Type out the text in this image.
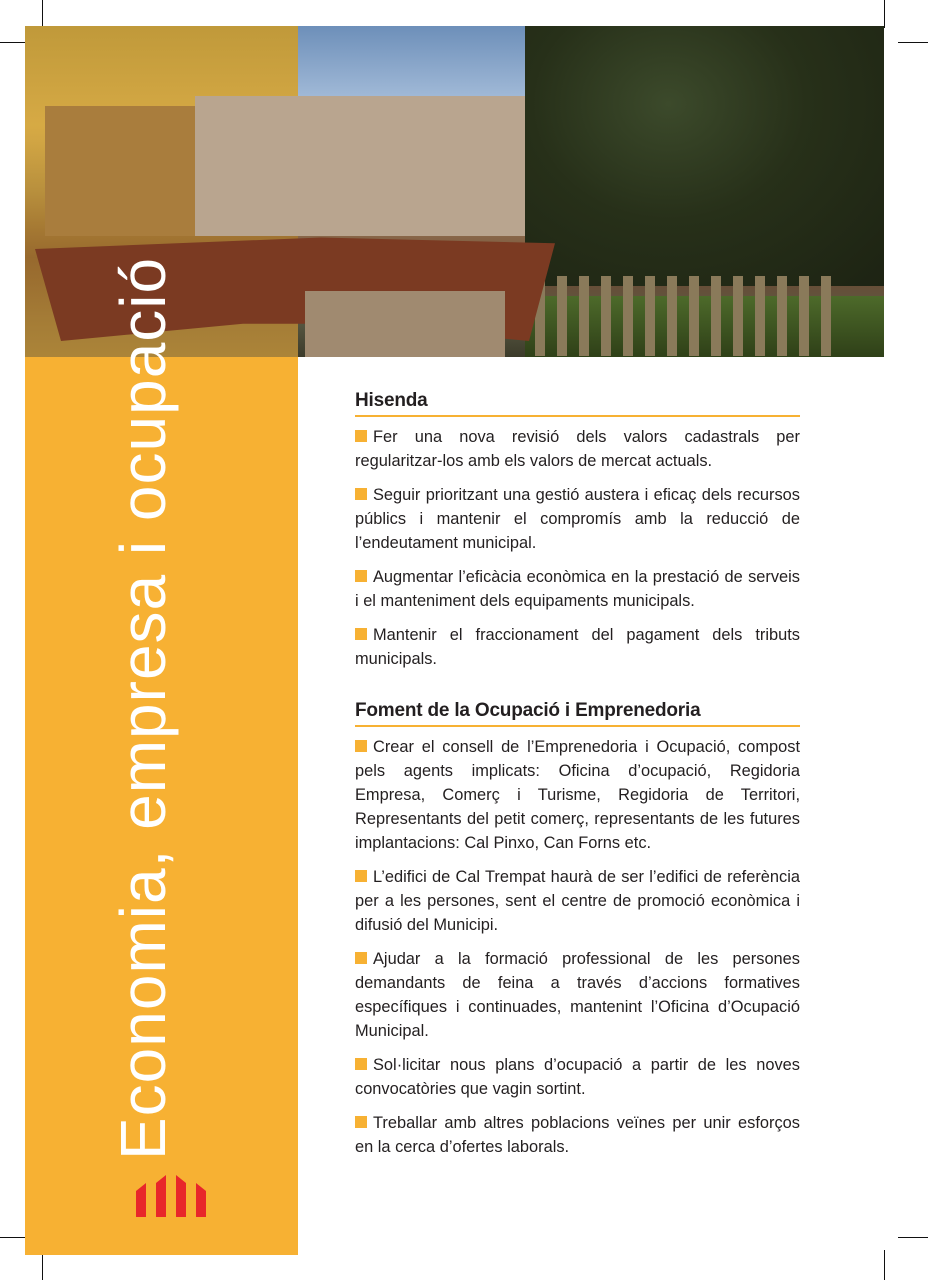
Economia, empresa i ocupació	Hisenda

Fer una nova revisió dels valors cadastrals per regularitzar-los amb els valors de mercat actuals.

Seguir prioritzant una gestió austera i eficaç dels recursos públics i mantenir el compromís amb la reducció de l’endeutament municipal.

Augmentar l’eficàcia econòmica en la prestació de serveis i el manteniment dels equipaments municipals.

Mantenir el fraccionament del pagament dels tributs municipals.

Foment de la Ocupació i Emprenedoria

Crear el consell de l’Emprenedoria i Ocupació, compost pels agents implicats: Oficina d’ocupació, Regidoria Empresa, Comerç i Turisme, Regidoria de Territori, Representants del petit comerç, representants de les futures implantacions: Cal Pinxo, Can Forns etc.

L’edifici de Cal Trempat haurà de ser l’edifici de referència per a les persones, sent el centre de promoció econòmica i difusió del Municipi.

Ajudar a la formació professional de les persones demandants de feina a través d’accions formatives específiques i continuades, mantenint l’Oficina d’Ocupació Municipal.

Sol·licitar nous plans d’ocupació a partir de les noves convocatòries que vagin sortint.

Treballar amb altres poblacions veïnes per unir esforços en la cerca d’ofertes laborals.
